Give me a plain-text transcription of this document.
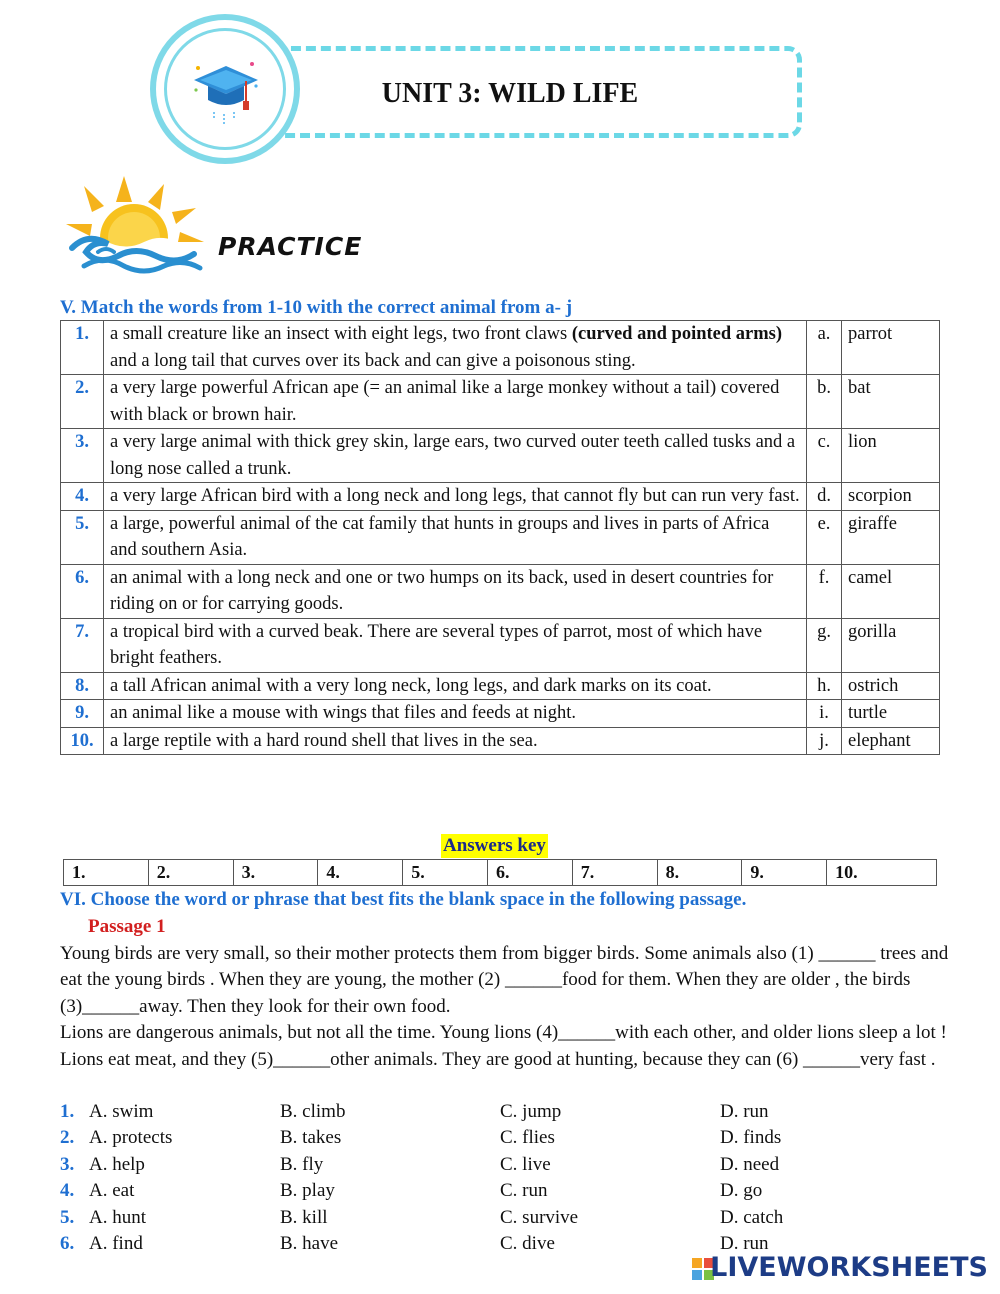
UNIT 3: WILD LIFE
PRACTICE
V. Match the words from 1-10 with the correct animal from a- j
1.	a small creature like an insect with eight legs, two front claws (curved and pointed arms) and a long tail that curves over its back and can give a poisonous sting.	a.	parrot
2.	a very large powerful African ape (= an animal like a large monkey without a tail) covered with black or brown hair.	b.	bat
3.	a very large animal with thick grey skin, large ears, two curved outer teeth called tusks and a long nose called a trunk.	c.	lion
4.	a very large African bird with a long neck and long legs, that cannot fly but can run very fast.	d.	scorpion
5.	a large, powerful animal of the cat family that hunts in groups and lives in parts of Africa and southern Asia.	e.	giraffe
6.	an animal with a long neck and one or two humps on its back, used in desert countries for riding on or for carrying goods.	f.	camel
7.	a tropical bird with a curved beak. There are several types of parrot, most of which have bright feathers.	g.	gorilla
8.	a tall African animal with a very long neck, long legs, and dark marks on its coat.	h.	ostrich
9.	an animal like a mouse with wings that files and feeds at night.	i.	turtle
10.	a large reptile with a hard round shell that lives in the sea.	j.	elephant
Answers key
1.	2.	3.	4.	5.	6.	7.	8.	9.	10.
VI. Choose the word or phrase that best fits the blank space in the following passage.
Passage 1

Young birds are very small, so their mother protects them from bigger birds. Some animals also (1) ______ trees and eat the young birds . When they are young, the mother (2) ______food for them. When they are older , the birds (3)______away. Then they look for their own food.

Lions are dangerous animals, but not all the time. Young lions (4)______with each other, and older lions sleep a lot ! Lions eat meat, and they (5)______other animals. They are good at hunting, because they can (6) ______very fast .

1. A. swim	B. climb	C. jump	D. run
2. A. protects	B. takes	C. flies	D. finds
3. A. help	B. fly	C. live	D. need
4. A. eat	B. play	C. run	D. go
5. A. hunt	B. kill	C. survive	D. catch
6. A. find	B. have	C. dive	D. run
LIVEWORKSHEETS
